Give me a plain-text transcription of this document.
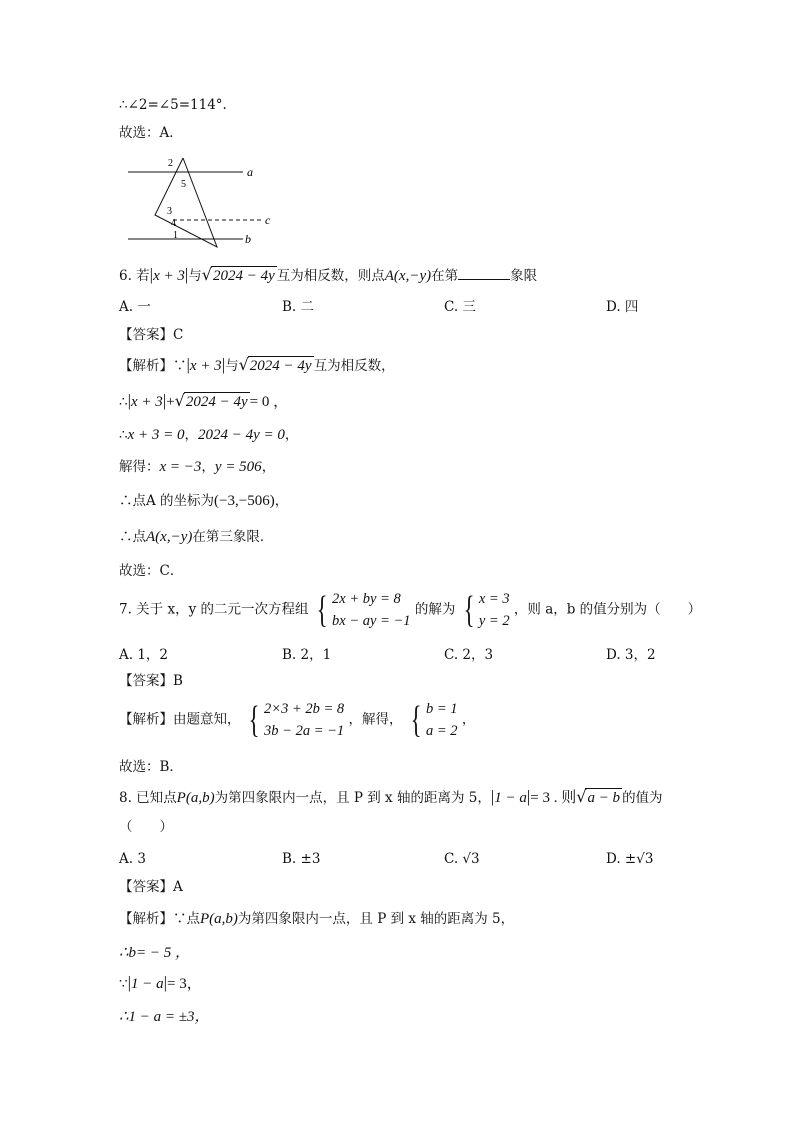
∴∠2=∠5=114°.
故选：A．
2
5
a
3
4	c
1	b
6. 若|x + 3|与√2024 − 4y 互为相反数，则点A(x,−y)在第	象限
A. 一	B. 二	C. 三	D. 四
【答案】C
【解析】∵|x + 3|与√2024 − 4y 互为相反数，
∴|x + 3|+√2024 − 4y = 0 ，
∴x + 3 = 0，2024 − 4y = 0，
解得：x = −3，y = 506，
∴点A 的坐标为(−3,−506)，
∴点A(x,−y)在第三象限．
故选：C．
7. 关于 x，y 的二元一次方程组 { 2x + by = 8
bx − ay = −1
的解为 { x = 3
y = 2
，则 a，b 的值分别为（　　）
A. 1，2	B. 2，1	C. 2，3	D. 3，2
【答案】B
【解析】由题意知， { 2×3 + 2b = 8
3b − 2a = −1
，解得， { b = 1
a = 2
，
故选：B．
8. 已知点P(a,b)为第四象限内一点，且 P 到 x 轴的距离为 5，|1 − a|= 3 . 则√a − b 的值为
（　　）
A. 3	B. ±3	C. √3	D. ±√3
【答案】A
【解析】∵点P(a,b)为第四象限内一点，且 P 到 x 轴的距离为 5，
∴b= − 5 ，
∵|1 − a|= 3，
∴1 − a = ±3，
